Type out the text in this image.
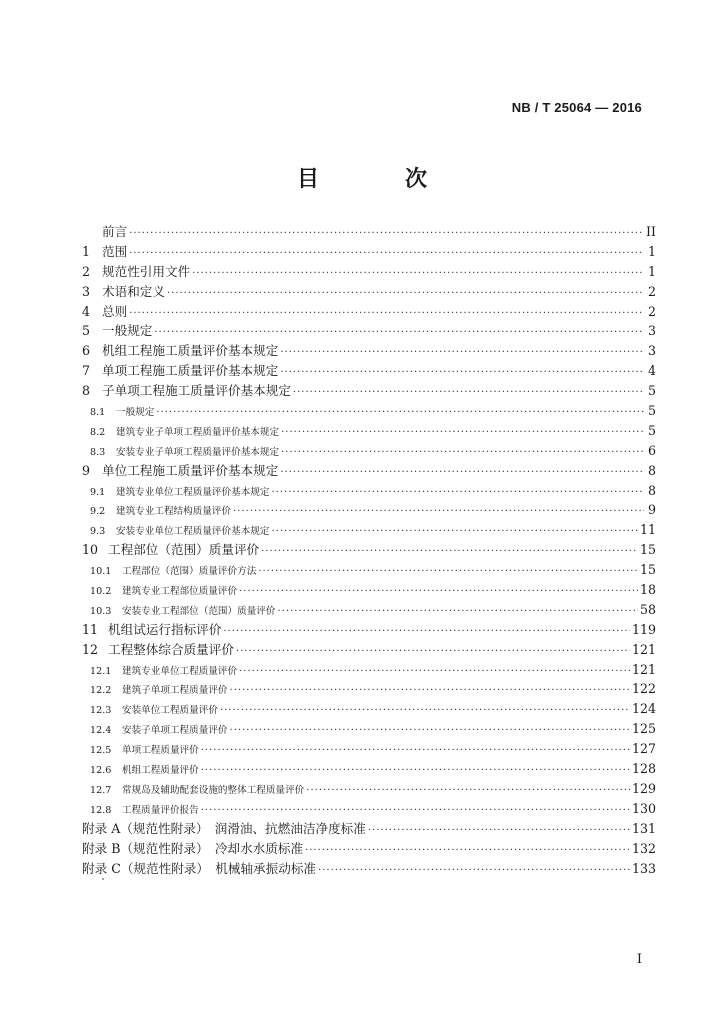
NB / T 25064 — 2016
目　次
前言 ·····	II
1 范围 ·····	1
2 规范性引用文件 ·····	1
3 术语和定义 ·····	2
4 总则 ·····	2
5 一般规定 ·····	3
6 机组工程施工质量评价基本规定 ·····	3
7 单项工程施工质量评价基本规定 ·····	4
8 子单项工程施工质量评价基本规定 ·····	5
8.1	一般规定 ·····	5
8.2	建筑专业子单项工程质量评价基本规定 ·····	5
8.3	安装专业子单项工程质量评价基本规定 ·····	6
9 单位工程施工质量评价基本规定 ·····	8
9.1	建筑专业单位工程质量评价基本规定 ·····	8
9.2	建筑专业工程结构质量评价 ·····	9
9.3	安装专业单位工程质量评价基本规定 ·····	11
10 工程部位（范围）质量评价 ·····	15
10.1	工程部位（范围）质量评价方法 ·····	15
10.2	建筑专业工程部位质量评价 ·····	18
10.3	安装专业工程部位（范围）质量评价 ·····	58
11 机组试运行指标评价 ·····	119
12 工程整体综合质量评价 ·····	121
12.1	建筑专业单位工程质量评价 ·····	121
12.2	建筑子单项工程质量评价 ·····	122
12.3	安装单位工程质量评价 ·····	124
12.4	安装子单项工程质量评价 ·····	125
12.5	单项工程质量评价 ·····	127
12.6	机组工程质量评价 ·····	128
12.7	常规岛及辅助配套设施的整体工程质量评价 ·····	129
12.8	工程质量评价报告 ·····	130
附录 A（规范性附录）　润滑油、抗燃油洁净度标准 ·····	131
附录 B（规范性附录）　冷却水水质标准 ·····	132
附录 C（规范性附录）　机械轴承振动标准 ·····	133
I
